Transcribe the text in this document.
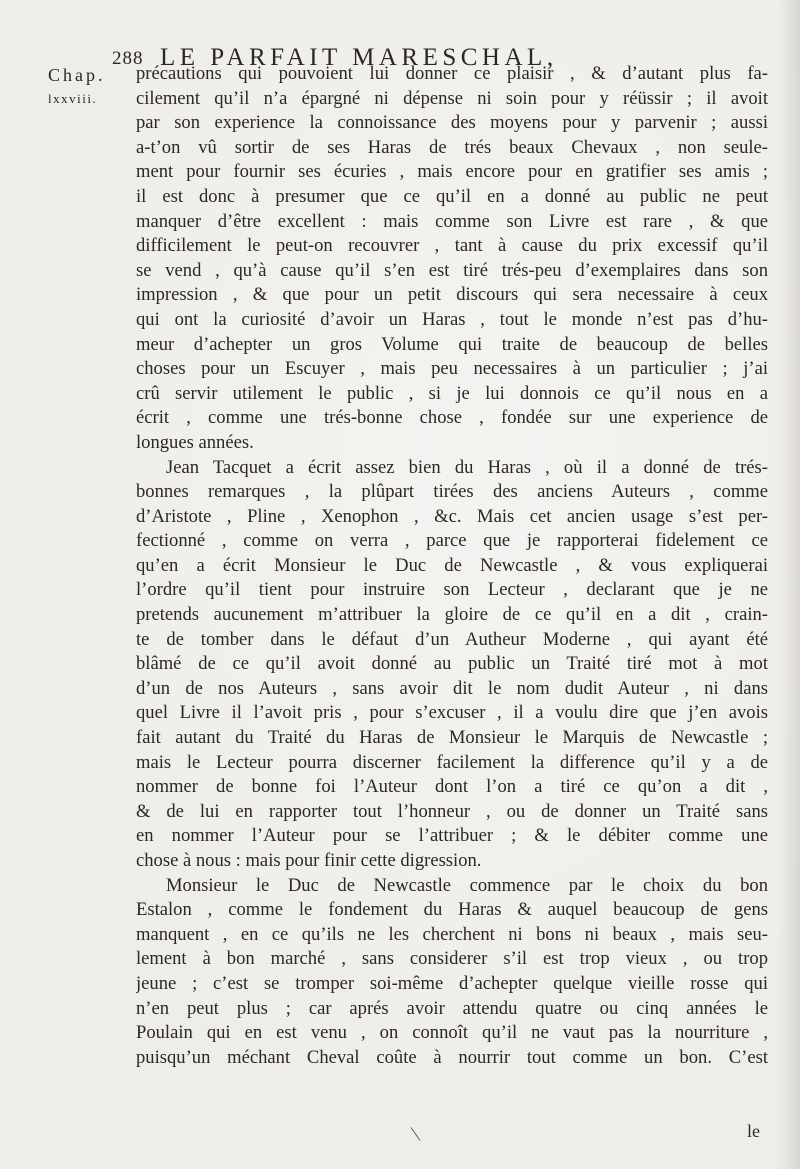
288 LE PARFAIT MARESCHAL,
Chap.
lxxviii.
précautions qui pouvoient lui donner ce plaisir , & d’autant plus fa-
cilement qu’il n’a épargné ni dépense ni soin pour y réüssir ; il avoit
par son experience la connoissance des moyens pour y parvenir ; aussi
a-t’on vû sortir de ses Haras de trés beaux Chevaux , non seule-
ment pour fournir ses écuries , mais encore pour en gratifier ses amis ;
il est donc à presumer que ce qu’il en a donné au public ne peut
manquer d’être excellent : mais comme son Livre est rare , & que
difficilement le peut-on recouvrer , tant à cause du prix excessif qu’il
se vend , qu’à cause qu’il s’en est tiré trés-peu d’exemplaires dans son
impression , & que pour un petit discours qui sera necessaire à ceux
qui ont la curiosité d’avoir un Haras , tout le monde n’est pas d’hu-
meur d’achepter un gros Volume qui traite de beaucoup de belles
choses pour un Escuyer , mais peu necessaires à un particulier ; j’ai
crû servir utilement le public , si je lui donnois ce qu’il nous en a
écrit , comme une trés-bonne chose , fondée sur une experience de
longues années.
Jean Tacquet a écrit assez bien du Haras , où il a donné de trés-
bonnes remarques , la plûpart tirées des anciens Auteurs , comme
d’Aristote , Pline , Xenophon , &c. Mais cet ancien usage s’est per-
fectionné , comme on verra , parce que je rapporterai fidelement ce
qu’en a écrit Monsieur le Duc de Newcastle , & vous expliquerai
l’ordre qu’il tient pour instruire son Lecteur , declarant que je ne
pretends aucunement m’attribuer la gloire de ce qu’il en a dit , crain-
te de tomber dans le défaut d’un Autheur Moderne , qui ayant été
blâmé de ce qu’il avoit donné au public un Traité tiré mot à mot
d’un de nos Auteurs , sans avoir dit le nom dudit Auteur , ni dans
quel Livre il l’avoit pris , pour s’excuser , il a voulu dire que j’en avois
fait autant du Traité du Haras de Monsieur le Marquis de Newcastle ;
mais le Lecteur pourra discerner facilement la difference qu’il y a de
nommer de bonne foi l’Auteur dont l’on a tiré ce qu’on a dit ,
& de lui en rapporter tout l’honneur , ou de donner un Traité sans
en nommer l’Auteur pour se l’attribuer ; & le débiter comme une
chose à nous : mais pour finir cette digression.
Monsieur le Duc de Newcastle commence par le choix du bon
Estalon , comme le fondement du Haras & auquel beaucoup de gens
manquent , en ce qu’ils ne les cherchent ni bons ni beaux , mais seu-
lement à bon marché , sans considerer s’il est trop vieux , ou trop
jeune ; c’est se tromper soi-même d’achepter quelque vieille rosse qui
n’en peut plus ; car aprés avoir attendu quatre ou cinq années le
Poulain qui en est venu , on connoît qu’il ne vaut pas la nourriture ,
puisqu’un méchant Cheval coûte à nourrir tout comme un bon. C’est
le
